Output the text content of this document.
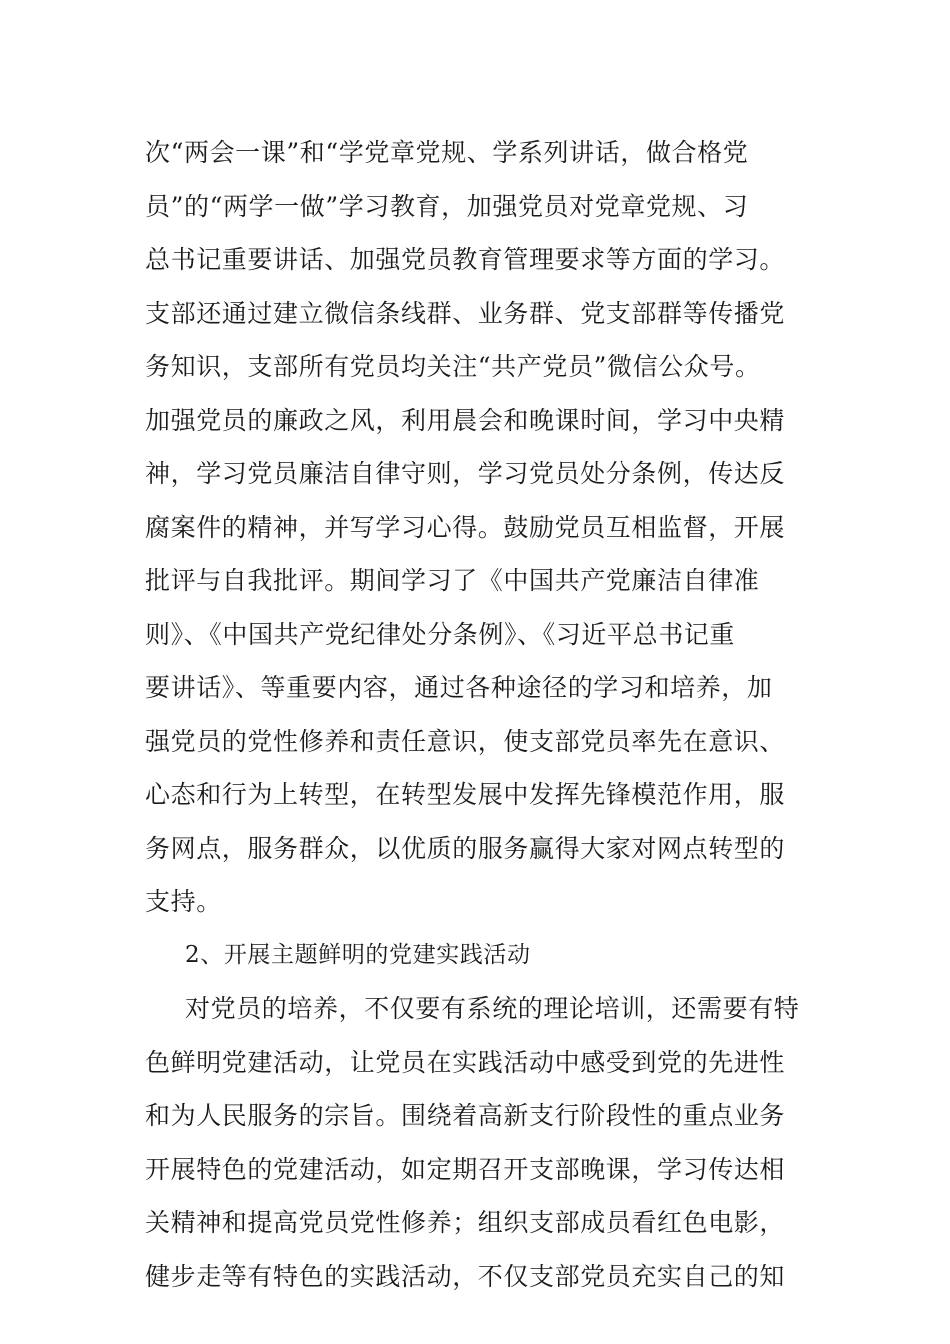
次“两会一课”和“学党章党规、学系列讲话，做合格党
员”的“两学一做”学习教育，加强党员对党章党规、习
总书记重要讲话、加强党员教育管理要求等方面的学习。
支部还通过建立微信条线群、业务群、党支部群等传播党
务知识，支部所有党员均关注“共产党员”微信公众号。
加强党员的廉政之风，利用晨会和晚课时间，学习中央精
神，学习党员廉洁自律守则，学习党员处分条例，传达反
腐案件的精神，并写学习心得。鼓励党员互相监督，开展
批评与自我批评。期间学习了《中国共产党廉洁自律准
则》、《中国共产党纪律处分条例》、《习近平总书记重
要讲话》、等重要内容，通过各种途径的学习和培养，加
强党员的党性修养和责任意识，使支部党员率先在意识、
心态和行为上转型，在转型发展中发挥先锋模范作用，服
务网点，服务群众，以优质的服务赢得大家对网点转型的
支持。
2、开展主题鲜明的党建实践活动
对党员的培养，不仅要有系统的理论培训，还需要有特
色鲜明党建活动，让党员在实践活动中感受到党的先进性
和为人民服务的宗旨。围绕着高新支行阶段性的重点业务
开展特色的党建活动，如定期召开支部晚课，学习传达相
关精神和提高党员党性修养；组织支部成员看红色电影，
健步走等有特色的实践活动，不仅支部党员充实自己的知
